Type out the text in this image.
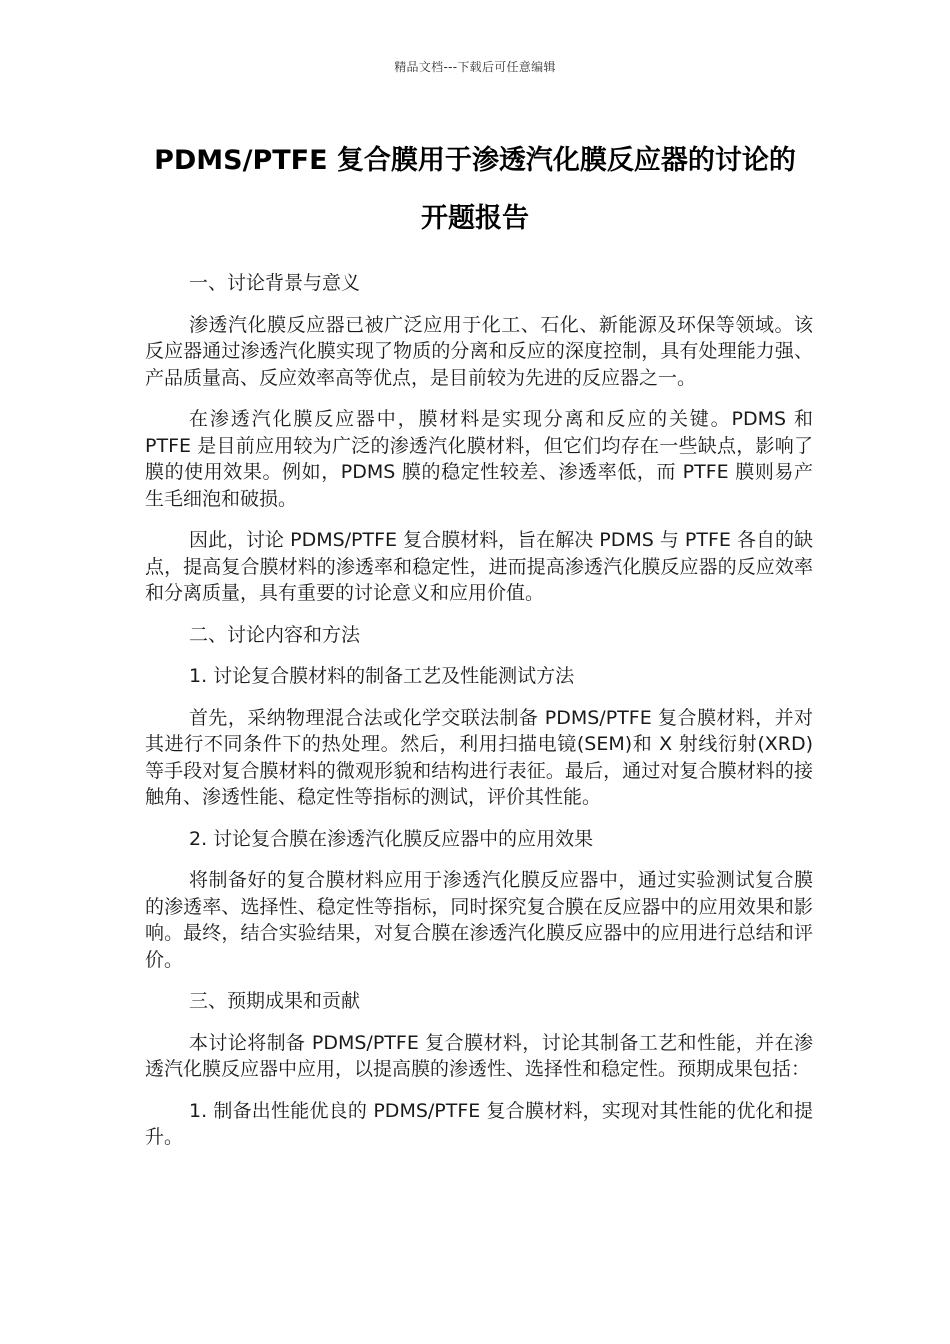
精品文档---下载后可任意编辑
PDMS/PTFE 复合膜用于渗透汽化膜反应器的讨论的
开题报告

一、讨论背景与意义

渗透汽化膜反应器已被广泛应用于化工、石化、新能源及环保等领域。该反应器通过渗透汽化膜实现了物质的分离和反应的深度控制，具有处理能力强、产品质量高、反应效率高等优点，是目前较为先进的反应器之一。

在渗透汽化膜反应器中，膜材料是实现分离和反应的关键。PDMS 和 PTFE 是目前应用较为广泛的渗透汽化膜材料，但它们均存在一些缺点，影响了膜的使用效果。例如，PDMS 膜的稳定性较差、渗透率低，而 PTFE 膜则易产生毛细泡和破损。

因此，讨论 PDMS/PTFE 复合膜材料，旨在解决 PDMS 与 PTFE 各自的缺点，提高复合膜材料的渗透率和稳定性，进而提高渗透汽化膜反应器的反应效率和分离质量，具有重要的讨论意义和应用价值。

二、讨论内容和方法

1. 讨论复合膜材料的制备工艺及性能测试方法

首先，采纳物理混合法或化学交联法制备 PDMS/PTFE 复合膜材料，并对其进行不同条件下的热处理。然后，利用扫描电镜(SEM)和 X 射线衍射(XRD)等手段对复合膜材料的微观形貌和结构进行表征。最后，通过对复合膜材料的接触角、渗透性能、稳定性等指标的测试，评价其性能。

2. 讨论复合膜在渗透汽化膜反应器中的应用效果

将制备好的复合膜材料应用于渗透汽化膜反应器中，通过实验测试复合膜的渗透率、选择性、稳定性等指标，同时探究复合膜在反应器中的应用效果和影响。最终，结合实验结果，对复合膜在渗透汽化膜反应器中的应用进行总结和评价。

三、预期成果和贡献

本讨论将制备 PDMS/PTFE 复合膜材料，讨论其制备工艺和性能，并在渗透汽化膜反应器中应用，以提高膜的渗透性、选择性和稳定性。预期成果包括：

1. 制备出性能优良的 PDMS/PTFE 复合膜材料，实现对其性能的优化和提升。
